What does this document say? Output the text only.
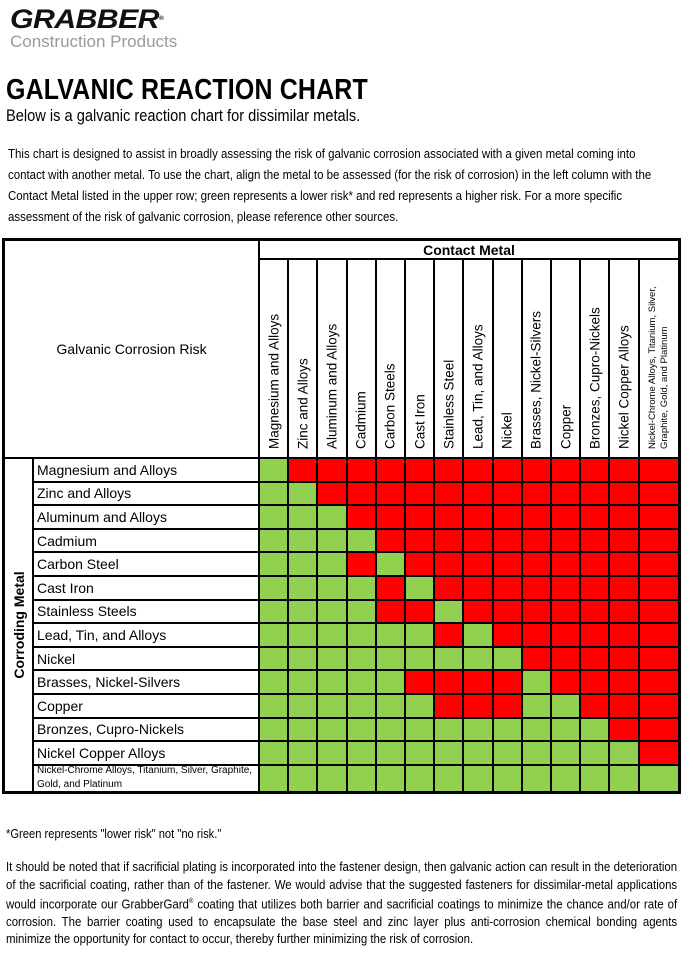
GRABBER®
Construction Products
GALVANIC REACTION CHART
Below is a galvanic reaction chart for dissimilar metals.
This chart is designed to assist in broadly assessing the risk of galvanic corrosion associated with a given metal coming into contact with another metal. To use the chart, align the metal to be assessed (for the risk of corrosion) in the left column with the Contact Metal listed in the upper row; green represents a lower risk* and red represents a higher risk. For a more specific assessment of the risk of galvanic corrosion, please reference other sources.
Galvanic Corrosion Risk
Contact Metal
Corroding Metal
Magnesium and Alloys Zinc and Alloys Aluminum and Alloys Cadmium Carbon Steels Cast Iron Stainless Steel Lead, Tin, and Alloys Nickel Brasses, Nickel-Silvers Copper Bronzes, Cupro-Nickels Nickel Copper Alloys Nickel-Chrome Alloys, Titanium, Silver, Graphite, Gold, and Platinum
Magnesium and Alloys
Zinc and Alloys
Aluminum and Alloys
Cadmium
Carbon Steel
Cast Iron
Stainless Steels
Lead, Tin, and Alloys
Nickel
Brasses, Nickel-Silvers
Copper
Bronzes, Cupro-Nickels
Nickel Copper Alloys
Nickel-Chrome Alloys, Titanium, Silver, Graphite, Gold, and Platinum
*Green represents "lower risk" not "no risk."
It should be noted that if sacrificial plating is incorporated into the fastener design, then galvanic action can result in the deterioration of the sacrificial coating, rather than of the fastener. We would advise that the suggested fasteners for dissimilar-metal applications would incorporate our GrabberGard® coating that utilizes both barrier and sacrificial coatings to minimize the chance and/or rate of corrosion. The barrier coating used to encapsulate the base steel and zinc layer plus anti-corrosion chemical bonding agents minimize the opportunity for contact to occur, thereby further minimizing the risk of corrosion.
